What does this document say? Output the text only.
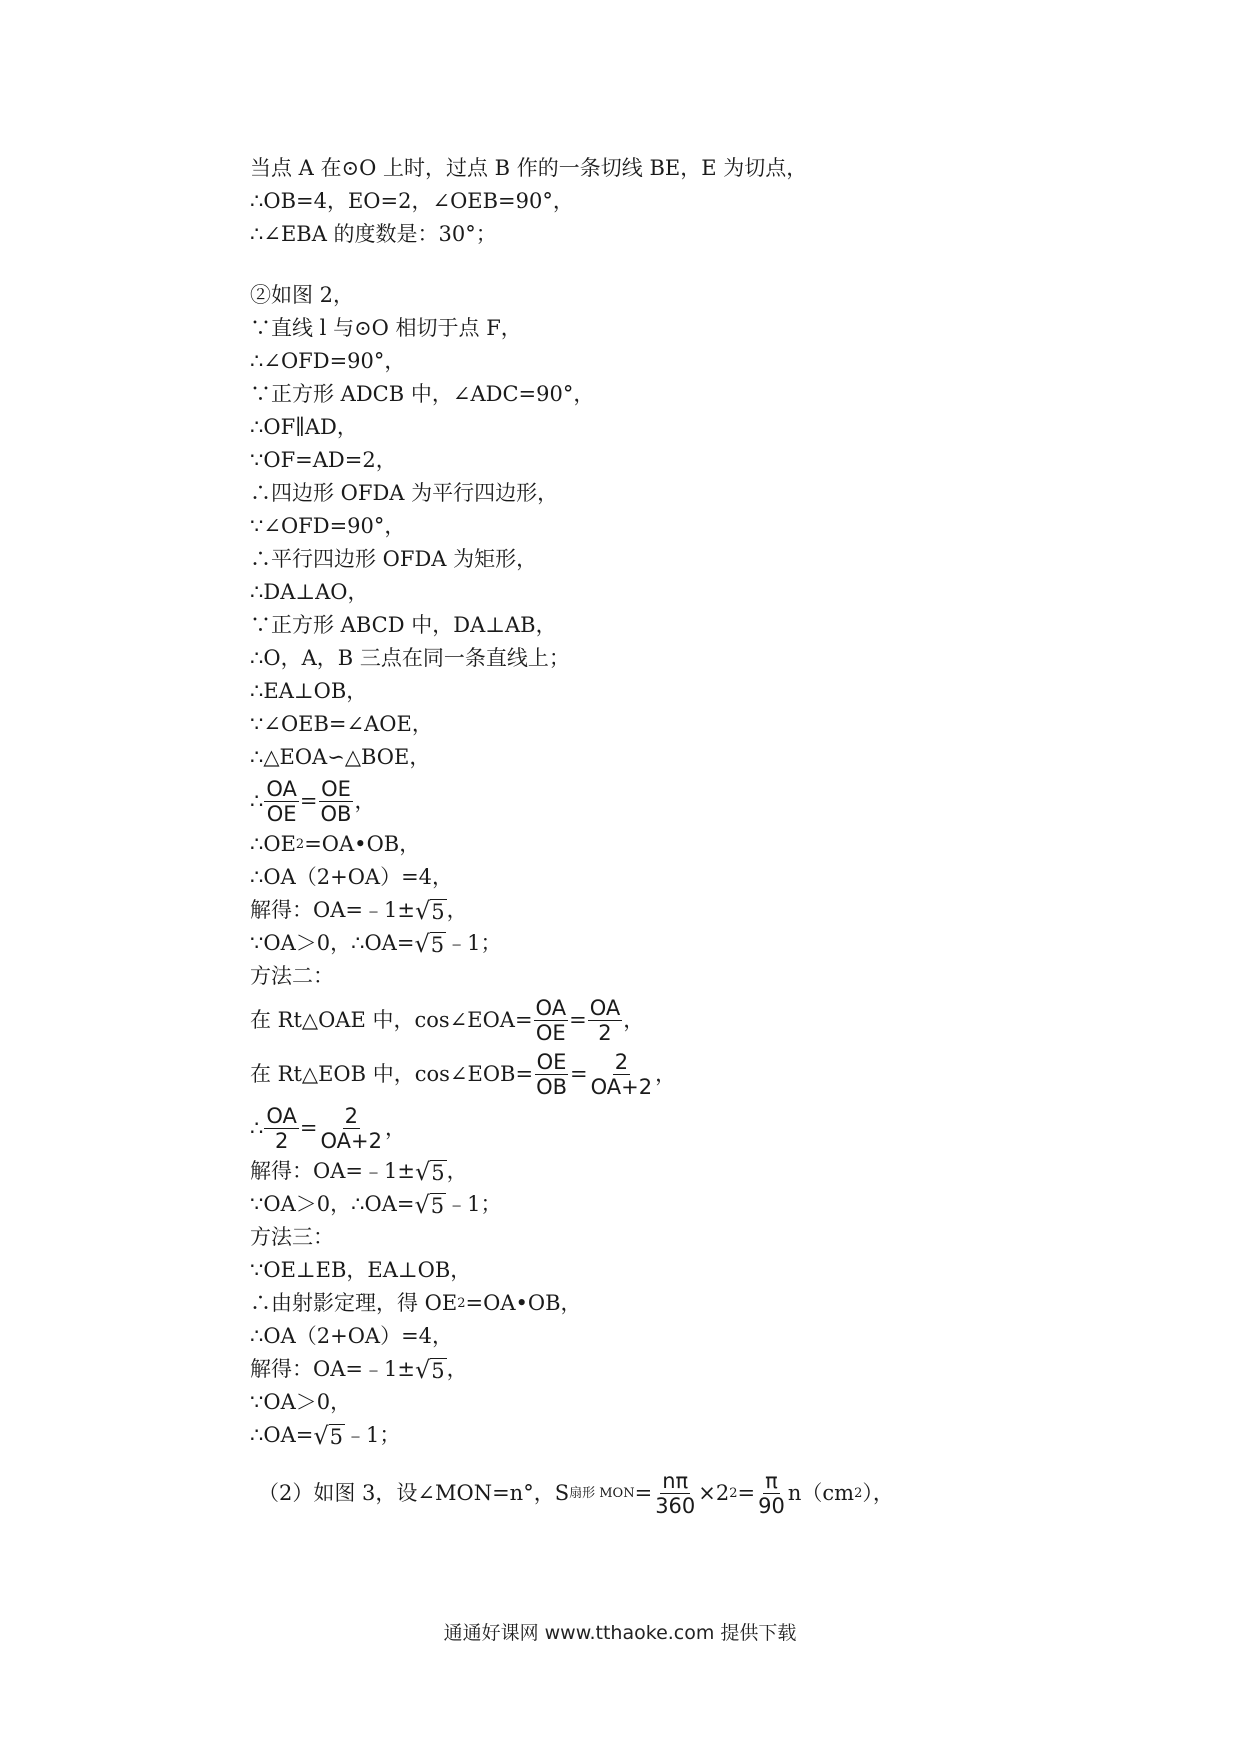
当点 A 在⊙O 上时，过点 B 作的一条切线 BE，E 为切点，
∴OB=4，EO=2，∠OEB=90°，
∴∠EBA 的度数是：30°；
②如图 2，
∵直线 l 与⊙O 相切于点 F，
∴∠OFD=90°，
∵正方形 ADCB 中，∠ADC=90°，
∴OF∥AD，
∵OF=AD=2，
∴四边形 OFDA 为平行四边形，
∵∠OFD=90°，
∴平行四边形 OFDA 为矩形，
∴DA⊥AO，
∵正方形 ABCD 中，DA⊥AB，
∴O，A，B 三点在同一条直线上；
∴EA⊥OB，
∵∠OEB=∠AOE，
∴△EOA∽△BOE，
∴ $\frac{OA}{OE} = \frac{OE}{OB}$ ，
∴OE 2 =OA•OB，
∴OA（2+OA）=4，
解得：OA=﹣1± √ 5 ，
∵OA＞0，∴OA= √ 5 ﹣1；
方法二：
在 Rt△OAE 中，cos∠EOA= $\frac{OA}{OE} = \frac{OA}{2}$ ，
在 Rt△EOB 中，cos∠EOB= $\frac{OE}{OB} = \frac{2}{OA+2}$ ，
∴ $\frac{OA}{2} = \frac{2}{OA+2}$ ，
解得：OA=﹣1± √ 5 ，
∵OA＞0，∴OA= √ 5 ﹣1；
方法三：
∵OE⊥EB，EA⊥OB，
∴由射影定理，得 OE 2 =OA•OB，
∴OA（2+OA）=4，
解得：OA=﹣1± √ 5 ，
∵OA＞0，
∴OA= √ 5 ﹣1；
（2）如图 3，设∠MON=n°，S 扇形 MON = $\frac{n\pi}{360} \times 2$ $2 = \frac{\pi}{90} n(cm$ 2 ），
通通好课网 www.tthaoke.com 提供下载
